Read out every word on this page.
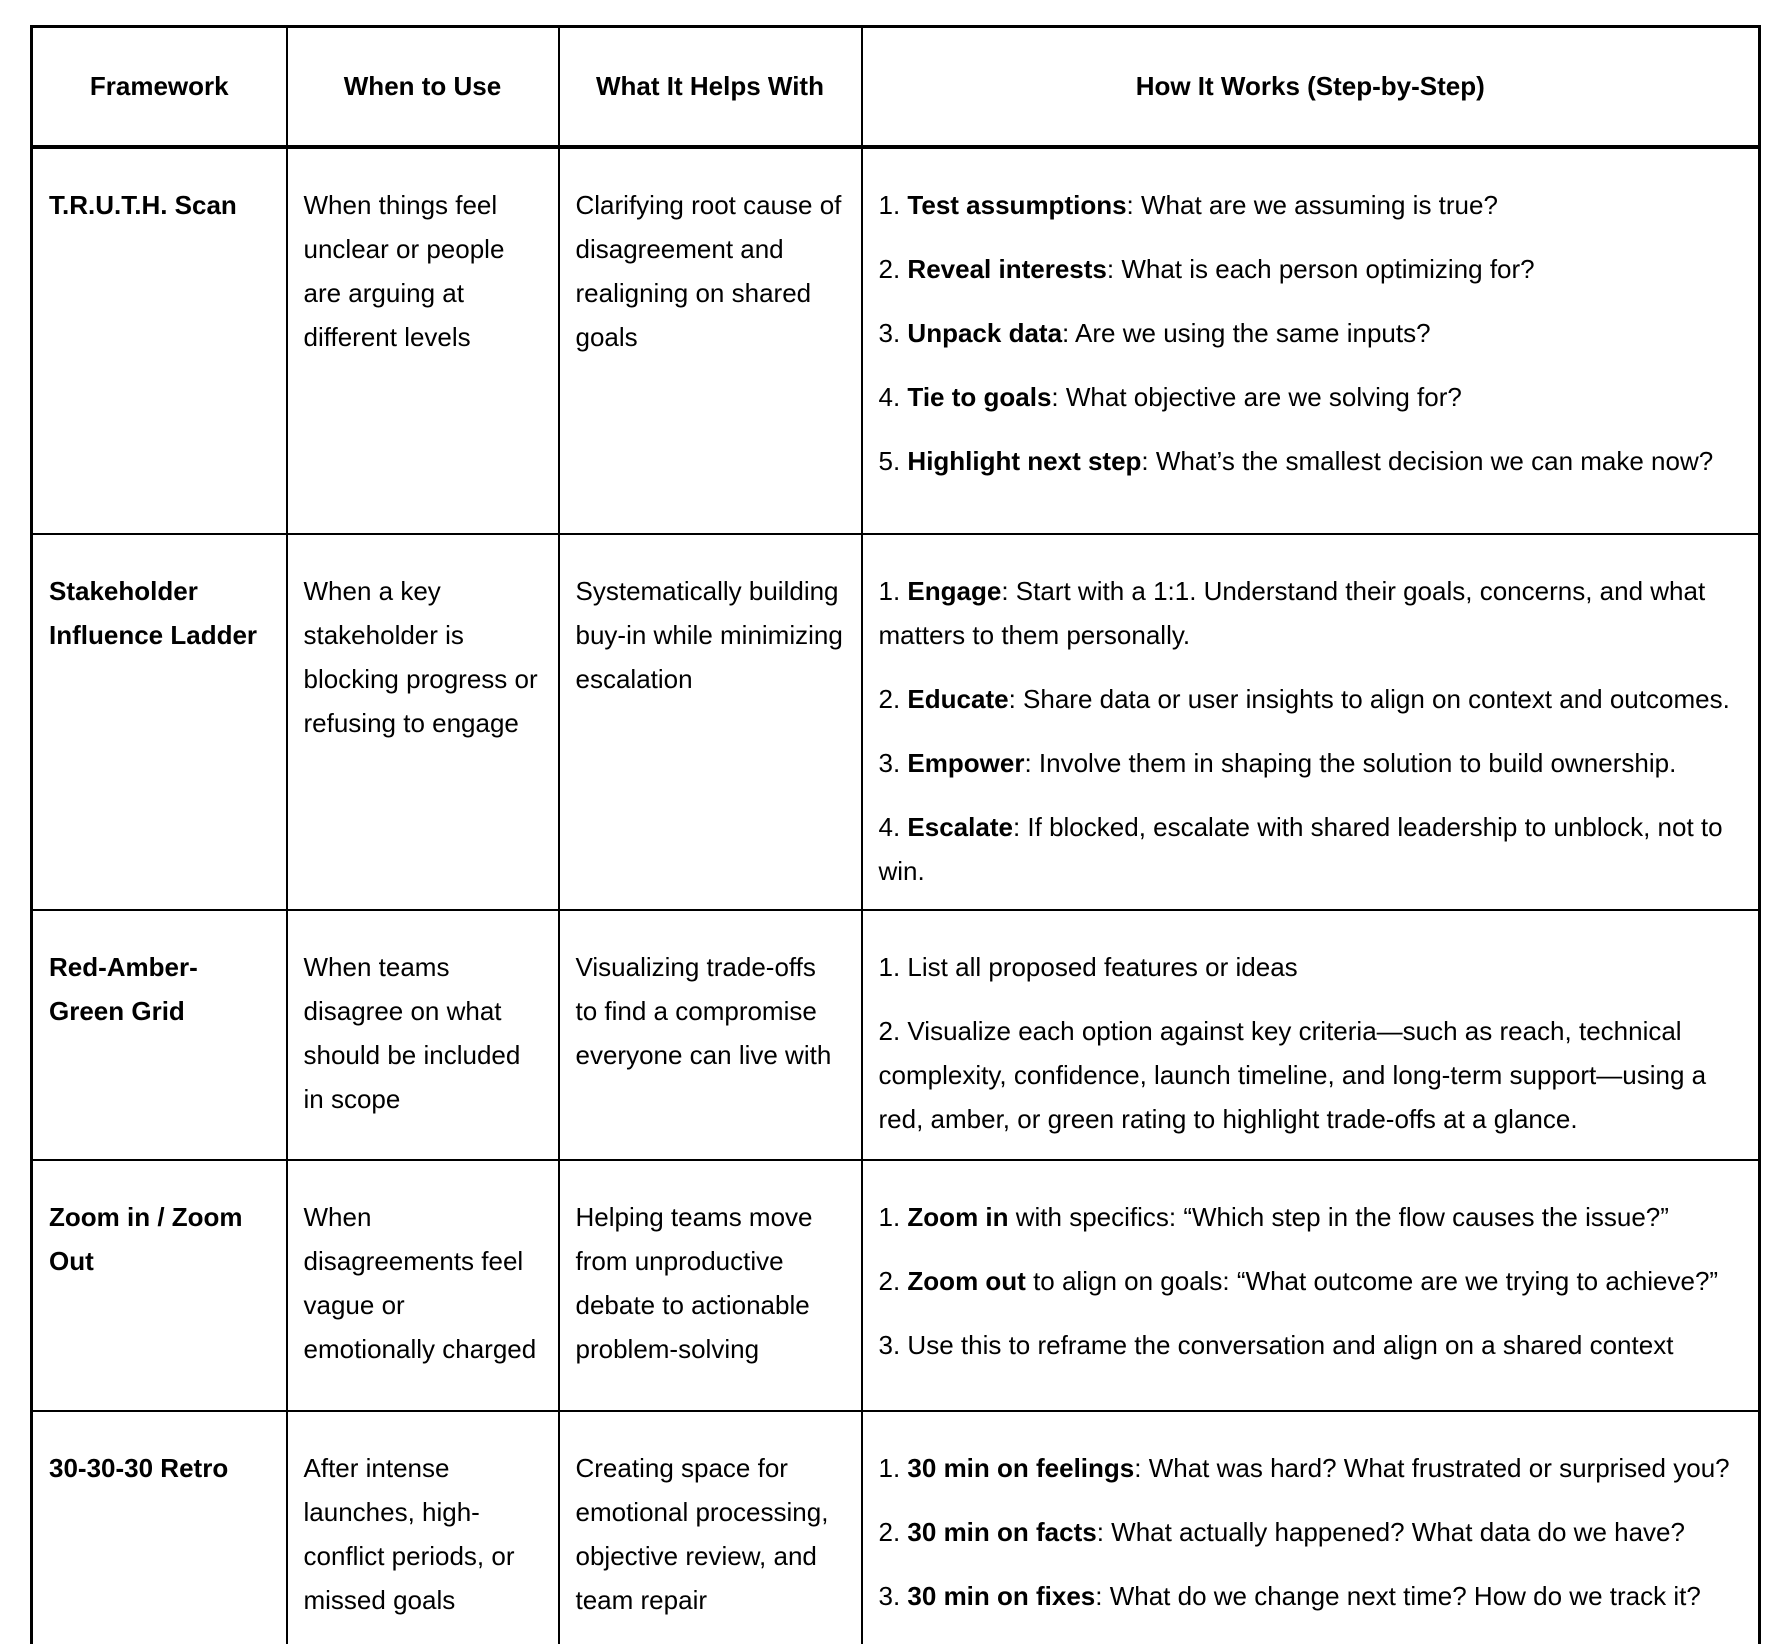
Framework	When to Use	What It Helps With	How It Works (Step-by-Step)
T.R.U.T.H. Scan	When things feel unclear or people are arguing at different levels	Clarifying root cause of disagreement and realigning on shared goals	1. Test assumptions: What are we assuming is true?
2. Reveal interests: What is each person optimizing for?
3. Unpack data: Are we using the same inputs?
4. Tie to goals: What objective are we solving for?
5. Highlight next step: What’s the smallest decision we can make now?

Stakeholder Influence Ladder	When a key stakeholder is blocking progress or refusing to engage	Systematically building buy-in while minimizing escalation	1. Engage: Start with a 1:1. Understand their goals, concerns, and what matters to them personally.
2. Educate: Share data or user insights to align on context and outcomes.
3. Empower: Involve them in shaping the solution to build ownership.
4. Escalate: If blocked, escalate with shared leadership to unblock, not to win.

Red-Amber-Green Grid	When teams disagree on what should be included in scope	Visualizing trade-offs to find a compromise everyone can live with	1. List all proposed features or ideas
2. Visualize each option against key criteria—such as reach, technical complexity, confidence, launch timeline, and long-term support—using a red, amber, or green rating to highlight trade-offs at a glance.

Zoom in / Zoom Out	When disagreements feel vague or emotionally charged	Helping teams move from unproductive debate to actionable problem-solving	1. Zoom in with specifics: “Which step in the flow causes the issue?”
2. Zoom out to align on goals: “What outcome are we trying to achieve?”
3. Use this to reframe the conversation and align on a shared context

30-30-30 Retro	After intense launches, high-conflict periods, or missed goals	Creating space for emotional processing, objective review, and team repair	1. 30 min on feelings: What was hard? What frustrated or surprised you?
2. 30 min on facts: What actually happened? What data do we have?
3. 30 min on fixes: What do we change next time? How do we track it?
